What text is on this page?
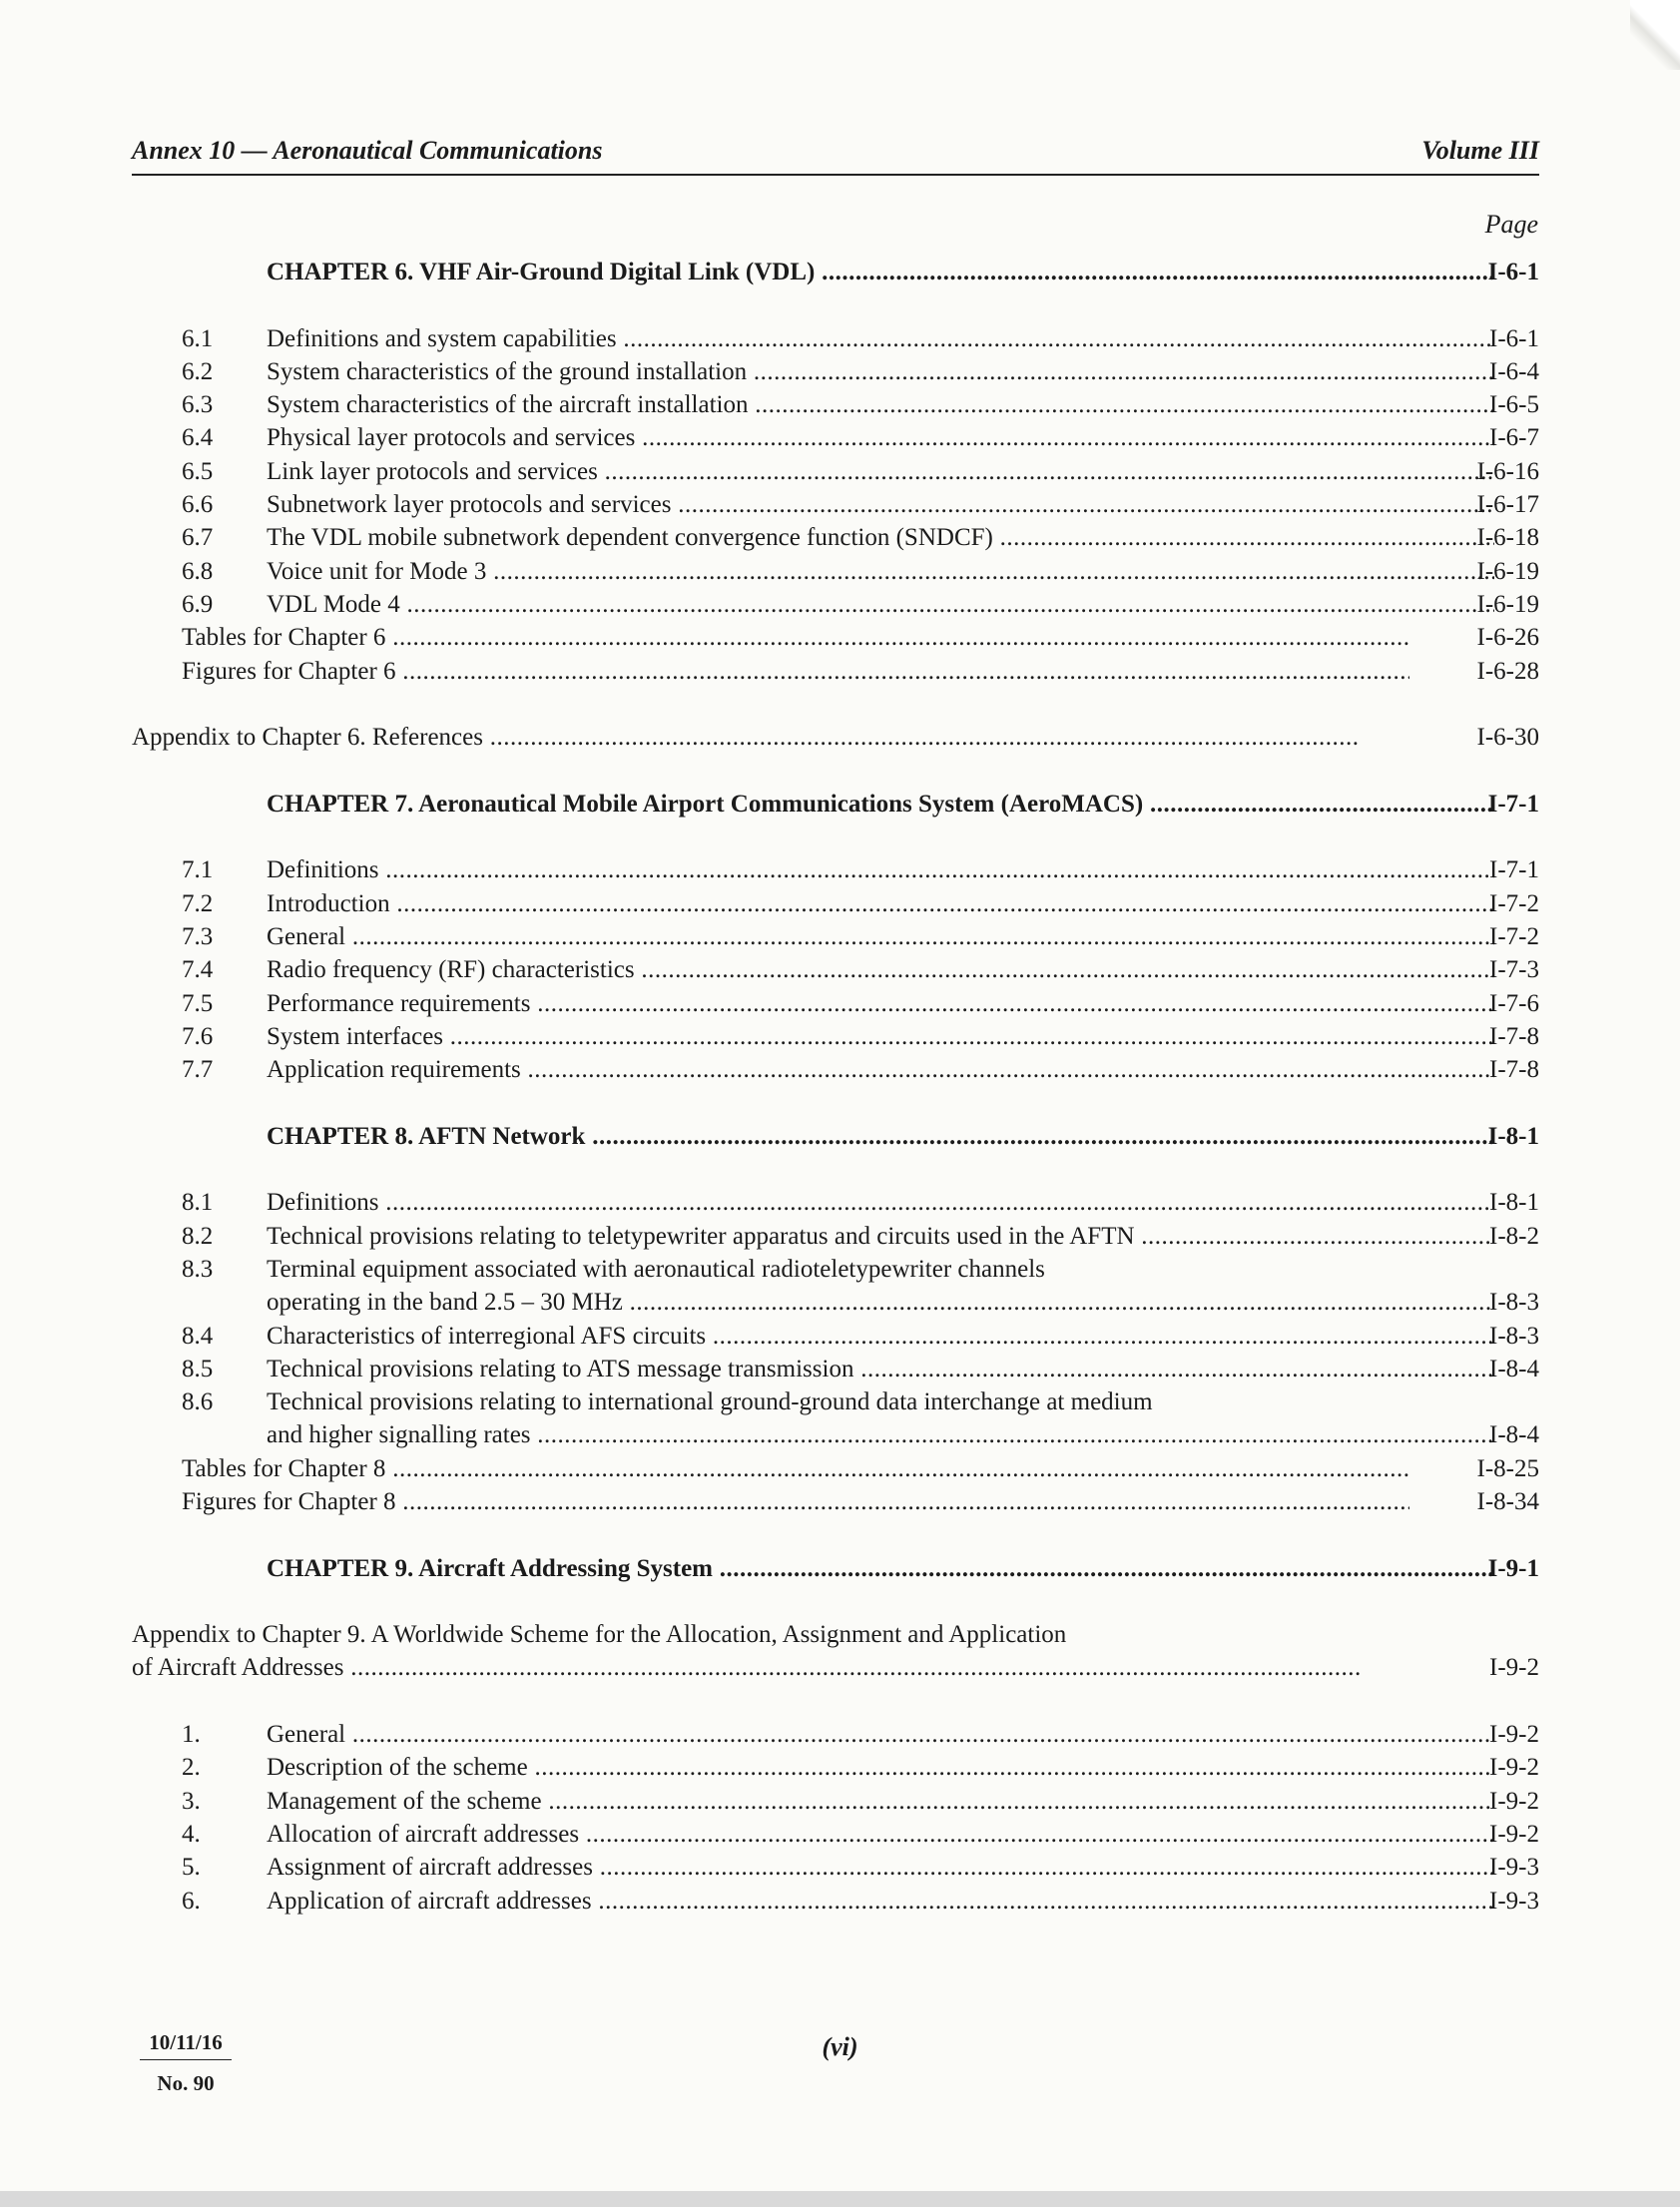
Annex 10 — Aeronautical Communications	Volume III
Page
CHAPTER 6. VHF Air-Ground Digital Link (VDL) .....	I-6-1
6.1 Definitions and system capabilities .....	I-6-1
6.2 System characteristics of the ground installation .....	I-6-4
6.3 System characteristics of the aircraft installation .....	I-6-5
6.4 Physical layer protocols and services .....	I-6-7
6.5 Link layer protocols and services .....	I-6-16
6.6 Subnetwork layer protocols and services .....	I-6-17
6.7 The VDL mobile subnetwork dependent convergence function (SNDCF) .....	I-6-18
6.8 Voice unit for Mode 3 .....	I-6-19
6.9 VDL Mode 4 .....	I-6-19
Tables for Chapter 6 .....	I-6-26
Figures for Chapter 6 .....	I-6-28
Appendix to Chapter 6. References .....	I-6-30
CHAPTER 7. Aeronautical Mobile Airport Communications System (AeroMACS) .....	I-7-1
7.1 Definitions .....	I-7-1
7.2 Introduction .....	I-7-2
7.3 General .....	I-7-2
7.4 Radio frequency (RF) characteristics .....	I-7-3
7.5 Performance requirements .....	I-7-6
7.6 System interfaces .....	I-7-8
7.7 Application requirements .....	I-7-8
CHAPTER 8. AFTN Network .....	I-8-1
8.1 Definitions .....	I-8-1
8.2 Technical provisions relating to teletypewriter apparatus and circuits used in the AFTN .....	I-8-2
8.3 Terminal equipment associated with aeronautical radioteletypewriter channels
operating in the band 2.5 – 30 MHz .....	I-8-3
8.4 Characteristics of interregional AFS circuits .....	I-8-3
8.5 Technical provisions relating to ATS message transmission .....	I-8-4
8.6 Technical provisions relating to international ground-ground data interchange at medium
and higher signalling rates .....	I-8-4
Tables for Chapter 8 .....	I-8-25
Figures for Chapter 8 .....	I-8-34
CHAPTER 9. Aircraft Addressing System .....	I-9-1
Appendix to Chapter 9. A Worldwide Scheme for the Allocation, Assignment and Application
of Aircraft Addresses .....	I-9-2
1.	General .....	I-9-2
2.	Description of the scheme .....	I-9-2
3.	Management of the scheme .....	I-9-2
4.	Allocation of aircraft addresses .....	I-9-2
5.	Assignment of aircraft addresses .....	I-9-3
6.	Application of aircraft addresses .....	I-9-3
10/11/16
No. 90
(vi)
